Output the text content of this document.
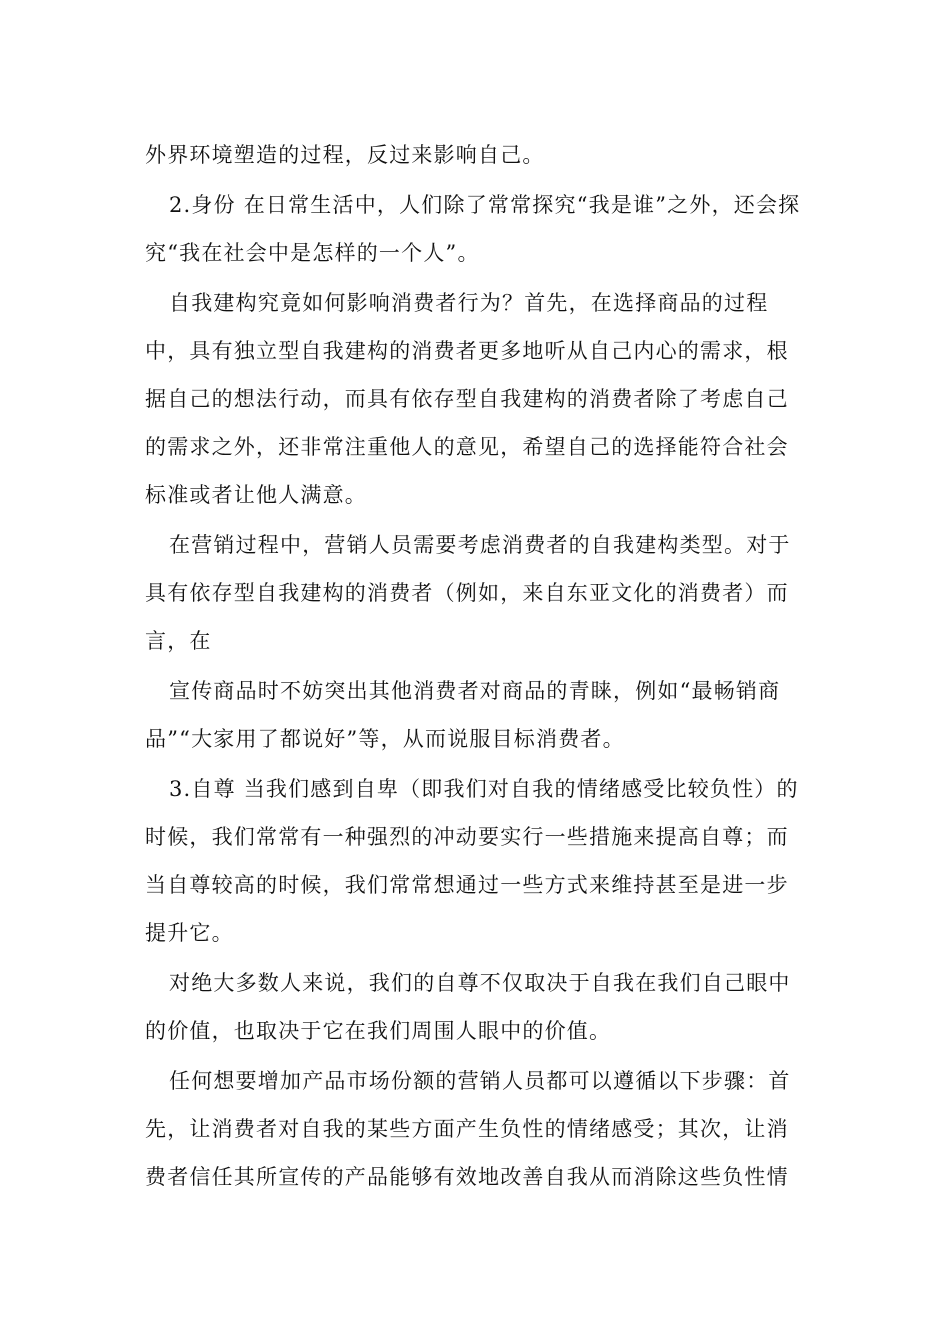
外界环境塑造的过程，反过来影响自己。

2.身份 在日常生活中，人们除了常常探究“我是谁”之外，还会探究“我在社会中是怎样的一个人”。

自我建构究竟如何影响消费者行为？首先，在选择商品的过程中，具有独立型自我建构的消费者更多地听从自己内心的需求，根据自己的想法行动，而具有依存型自我建构的消费者除了考虑自己的需求之外，还非常注重他人的意见，希望自己的选择能符合社会标准或者让他人满意。

在营销过程中，营销人员需要考虑消费者的自我建构类型。对于具有依存型自我建构的消费者（例如，来自东亚文化的消费者）而言，在

宣传商品时不妨突出其他消费者对商品的青睐，例如“最畅销商品”“大家用了都说好”等，从而说服目标消费者。

3.自尊 当我们感到自卑（即我们对自我的情绪感受比较负性）的时候，我们常常有一种强烈的冲动要实行一些措施来提高自尊；而当自尊较高的时候，我们常常想通过一些方式来维持甚至是进一步提升它。

对绝大多数人来说，我们的自尊不仅取决于自我在我们自己眼中的价值，也取决于它在我们周围人眼中的价值。

任何想要增加产品市场份额的营销人员都可以遵循以下步骤：首先，让消费者对自我的某些方面产生负性的情绪感受；其次，让消费者信任其所宣传的产品能够有效地改善自我从而消除这些负性情
